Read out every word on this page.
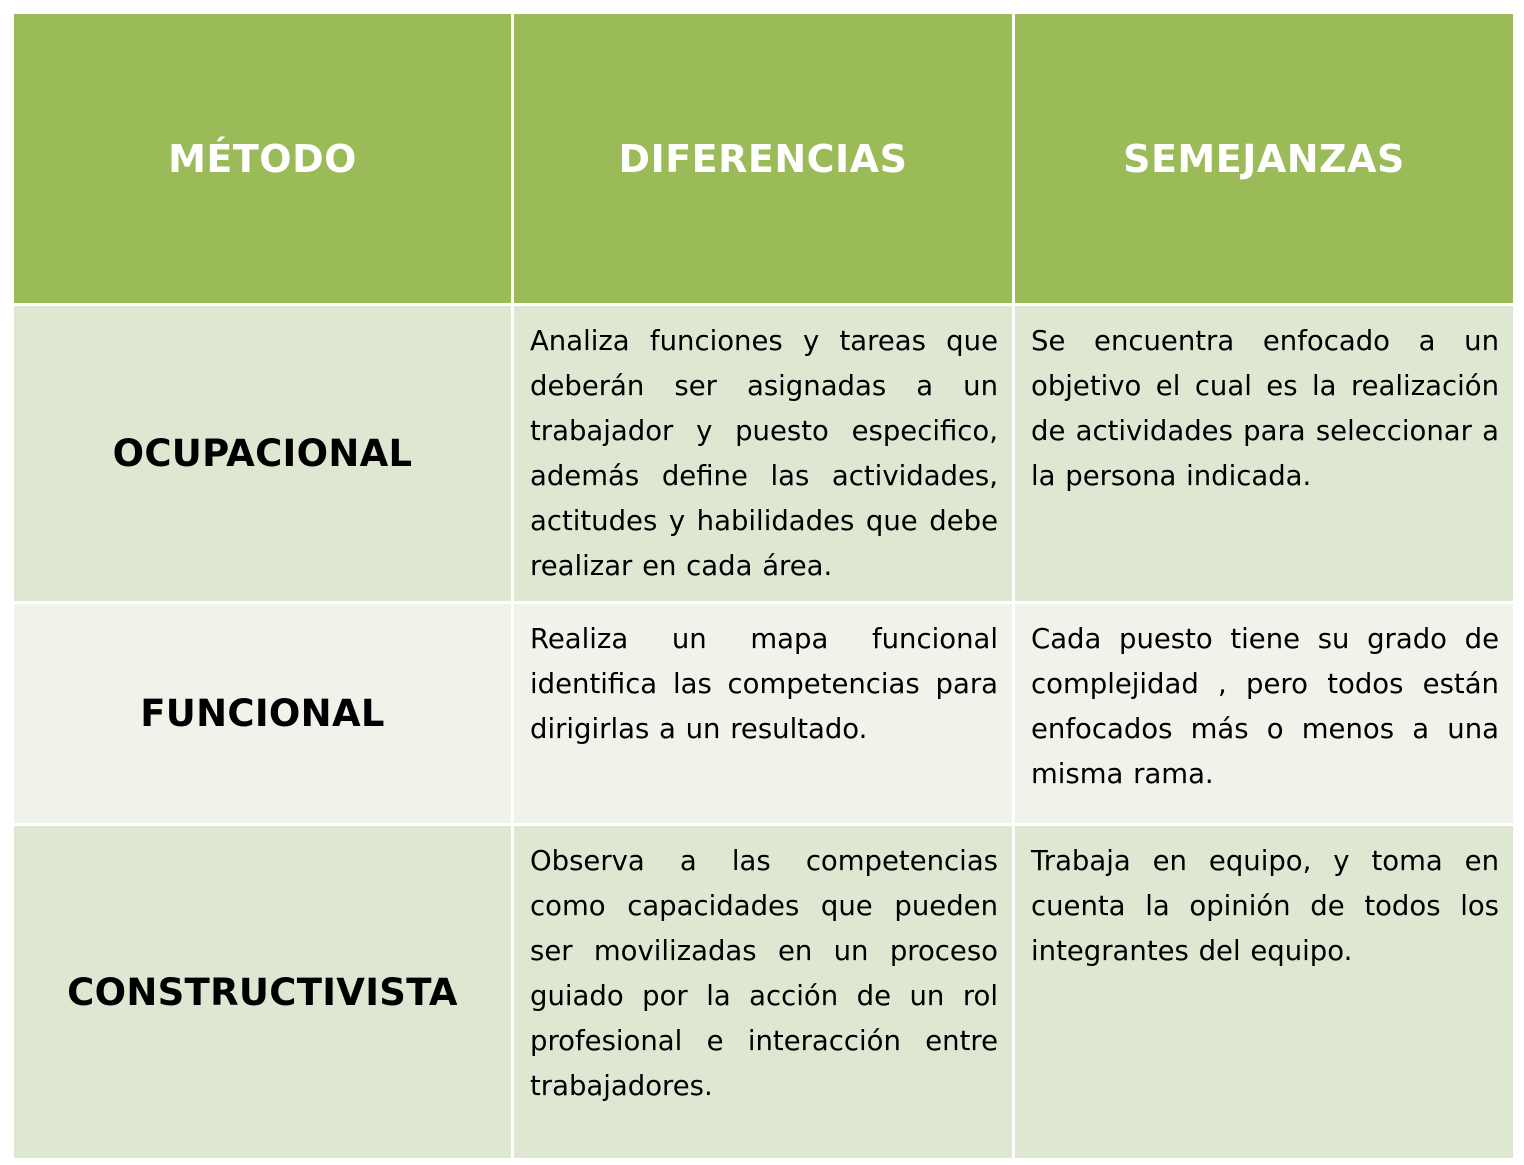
MÉTODO	DIFERENCIAS	SEMEJANZAS
OCUPACIONAL	Analiza funciones y tareas que deberán ser asignadas a un trabajador y puesto especifico, además define las actividades, actitudes y habilidades que debe realizar en cada área.	Se encuentra enfocado a un objetivo el cual es la realización de actividades para seleccionar a la persona indicada.
FUNCIONAL	Realiza un mapa funcional identifica las competencias para dirigirlas a un resultado.	Cada puesto tiene su grado de complejidad , pero todos están enfocados más o menos a una misma rama.
CONSTRUCTIVISTA	Observa a las competencias como capacidades que pueden ser movilizadas en un proceso guiado por la acción de un rol profesional e interacción entre trabajadores.	Trabaja en equipo, y toma en cuenta la opinión de todos los integrantes del equipo.
